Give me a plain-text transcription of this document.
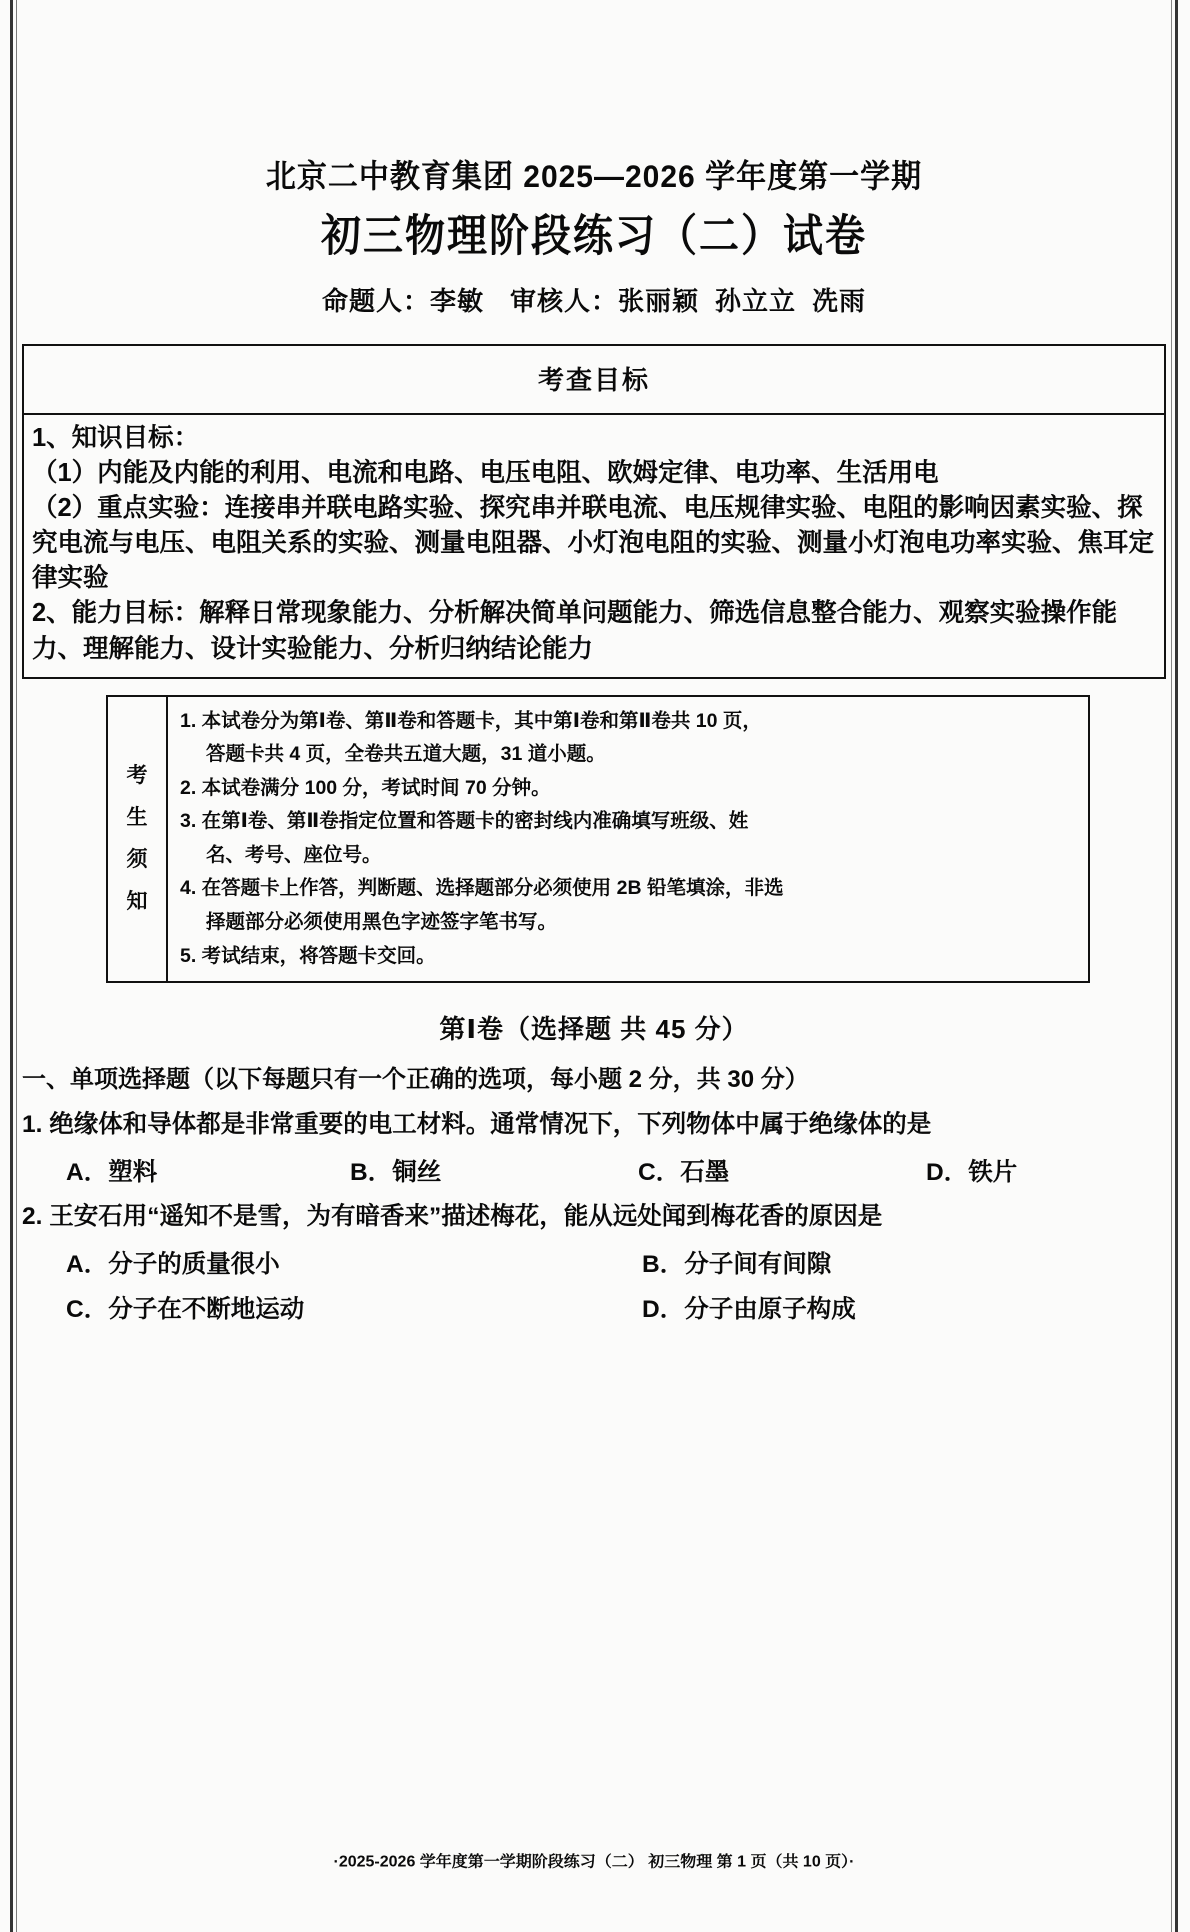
北京二中教育集团 2025—2026 学年度第一学期
初三物理阶段练习（二）试卷
命题人：李敏 审核人：张丽颖 孙立立 冼雨
考查目标

1、知识目标：

（1）内能及内能的利用、电流和电路、电压电阻、欧姆定律、电功率、生活用电

（2）重点实验：连接串并联电路实验、探究串并联电流、电压规律实验、电阻的影响因素实验、探究电流与电压、电阻关系的实验、测量电阻器、小灯泡电阻的实验、测量小灯泡电功率实验、焦耳定律实验

2、能力目标：解释日常现象能力、分析解决简单问题能力、筛选信息整合能力、观察实验操作能力、理解能力、设计实验能力、分析归纳结论能力

考
生
须
知

1. 本试卷分为第Ⅰ卷、第Ⅱ卷和答题卡，其中第Ⅰ卷和第Ⅱ卷共 10 页，

答题卡共 4 页，全卷共五道大题，31 道小题。

2. 本试卷满分 100 分，考试时间 70 分钟。

3. 在第Ⅰ卷、第Ⅱ卷指定位置和答题卡的密封线内准确填写班级、姓

名、考号、座位号。

4. 在答题卡上作答，判断题、选择题部分必须使用 2B 铅笔填涂，非选

择题部分必须使用黑色字迹签字笔书写。

5. 考试结束，将答题卡交回。

第Ⅰ卷（选择题 共 45 分）
一、单项选择题（以下每题只有一个正确的选项，每小题 2 分，共 30 分）
1. 绝缘体和导体都是非常重要的电工材料。通常情况下，下列物体中属于绝缘体的是
A．塑料	B．铜丝	C．石墨	D．铁片
2. 王安石用“遥知不是雪，为有暗香来”描述梅花，能从远处闻到梅花香的原因是
A．分子的质量很小	B．分子间有间隙
C．分子在不断地运动	D．分子由原子构成
·2025-2026 学年度第一学期阶段练习（二） 初三物理 第 1 页（共 10 页）·
